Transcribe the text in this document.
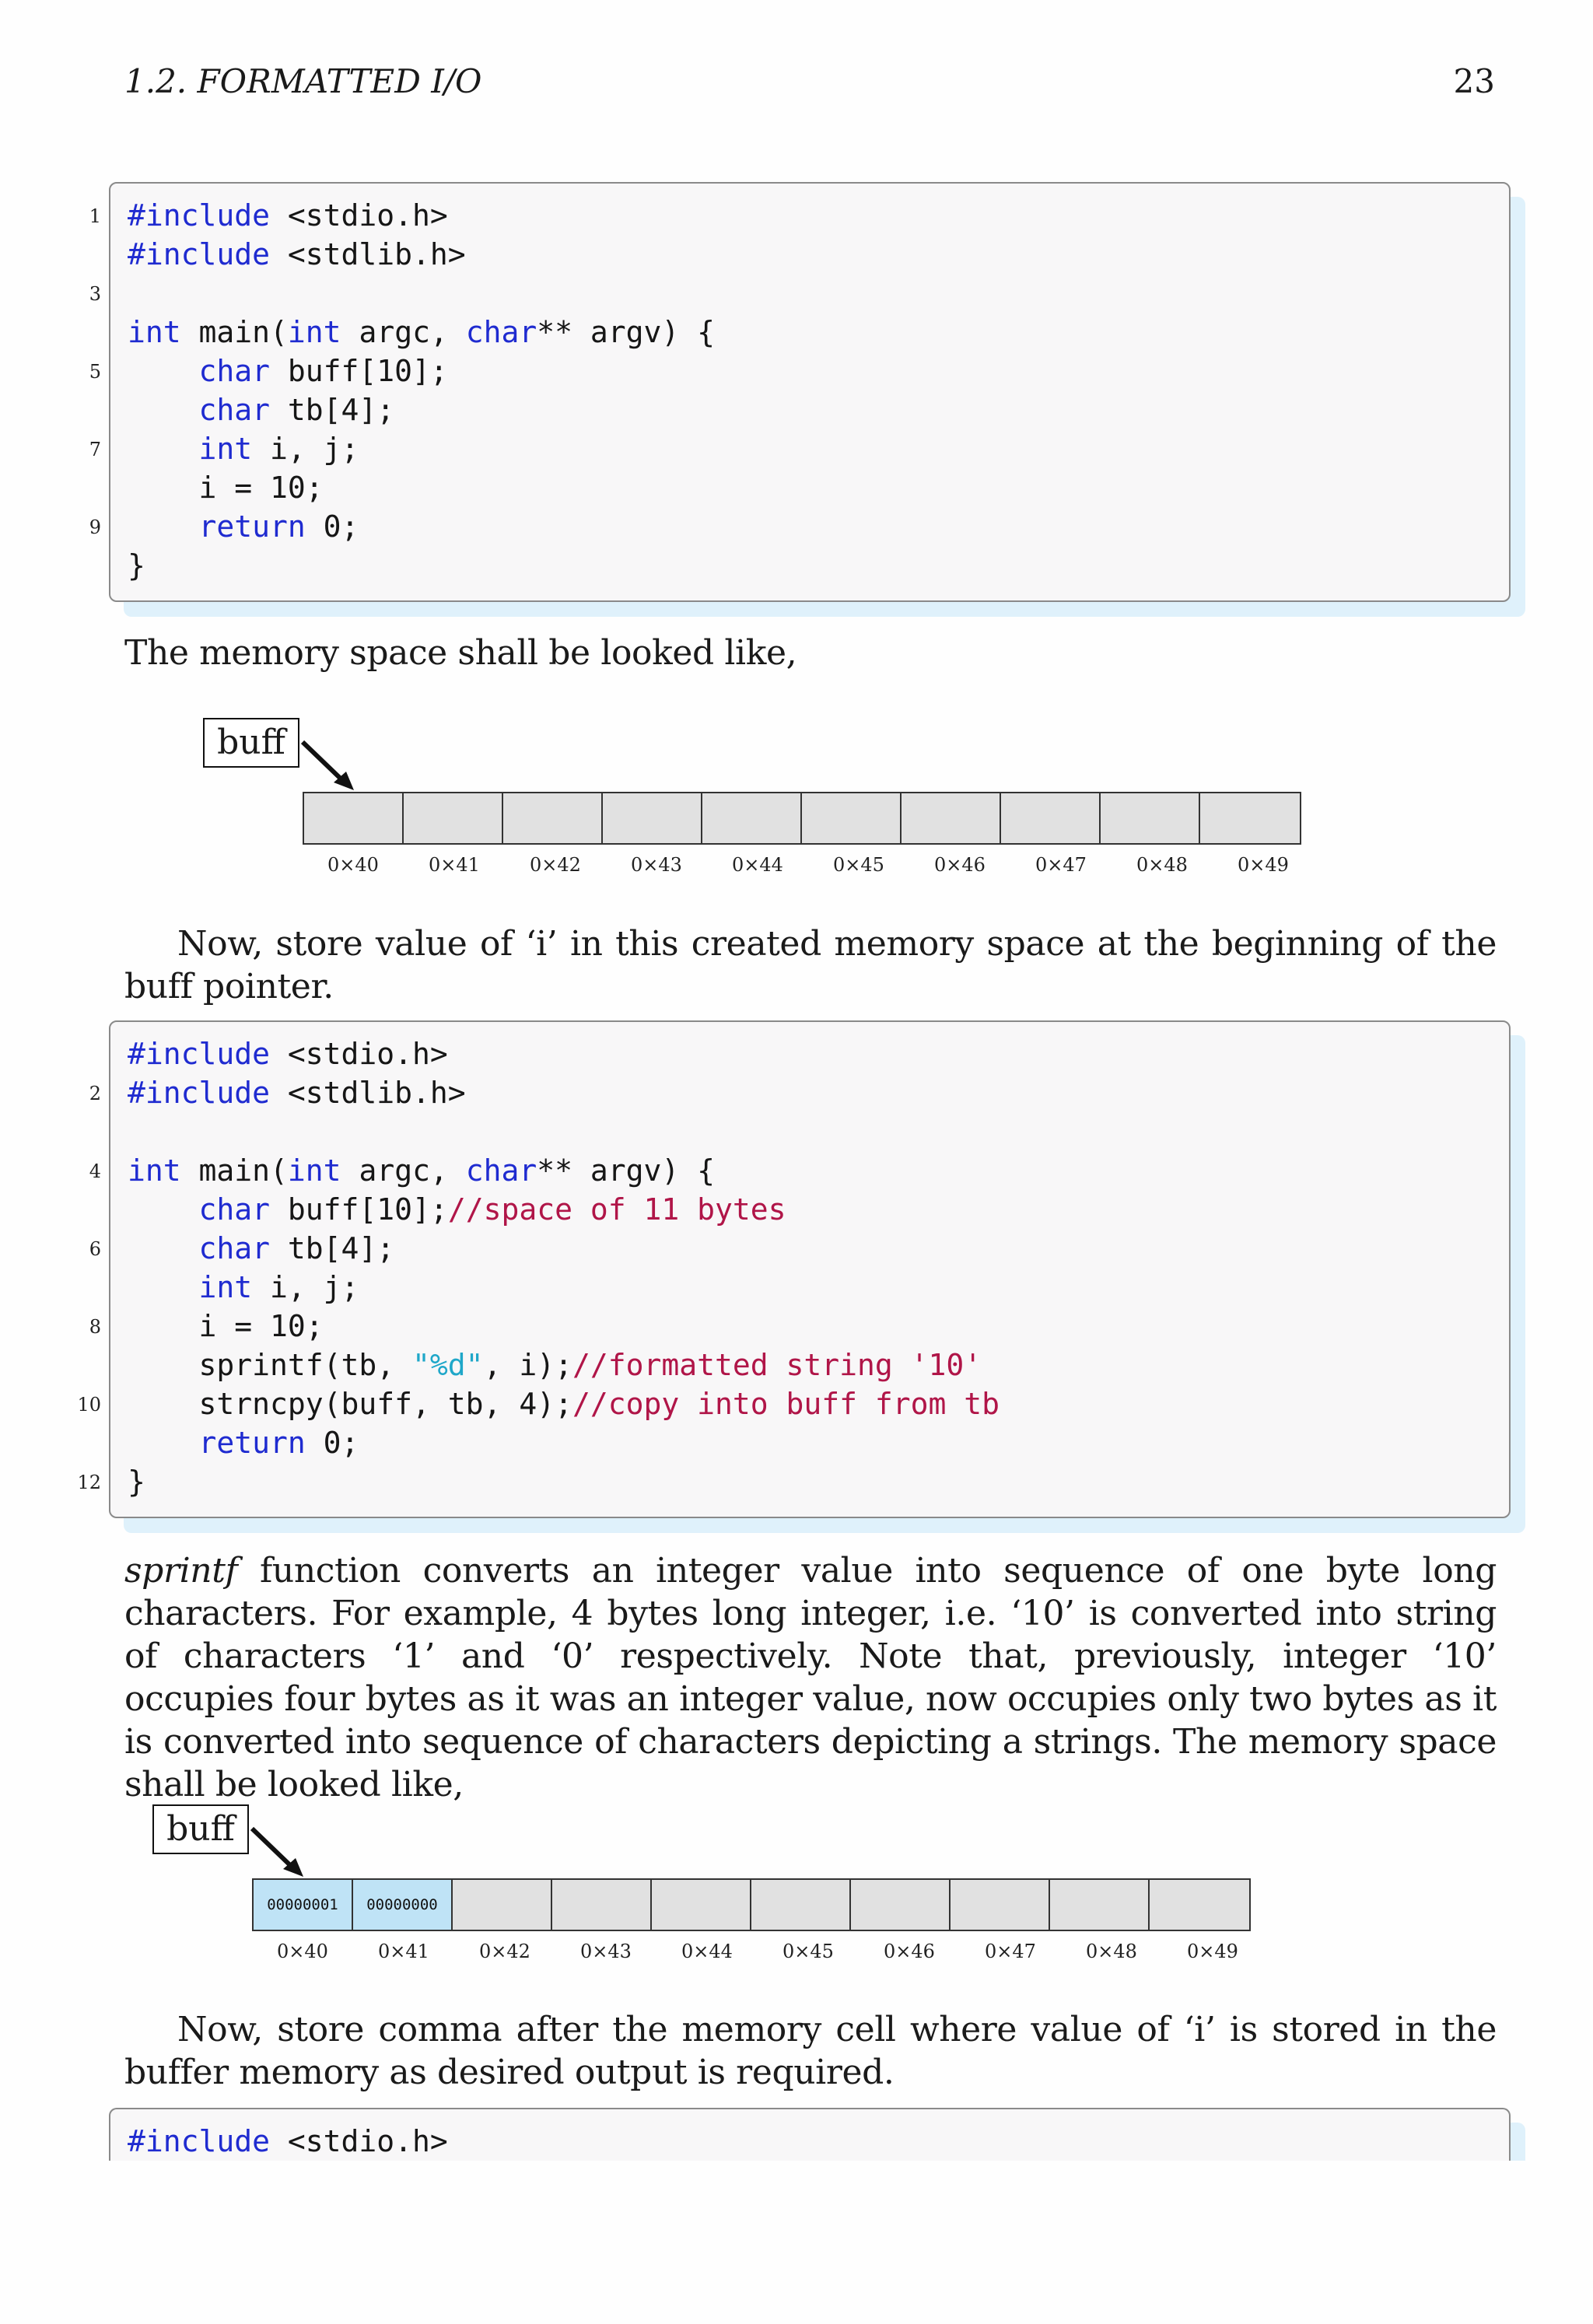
1.2. FORMATTED I/O	23
1
3
5
7
9
#include <stdio.h>
#include <stdlib.h>
int main(int argc, char** argv) {
char buff[10];
char tb[4];
int i, j;
i = 10;
return 0;
}
The memory space shall be looked like,
buff
0×40	0×41	0×42	0×43	0×44	0×45	0×46	0×47	0×48	0×49
Now, store value of ‘i’ in this created memory space at the beginning of the buff pointer.
2
4
6
8
10
12
#include <stdio.h>
#include <stdlib.h>
int main(int argc, char** argv) {
char buff[10];//space of 11 bytes
char tb[4];
int i, j;
i = 10;
sprintf(tb, "%d", i);//formatted string '10'
strncpy(buff, tb, 4);//copy into buff from tb
return 0;
}
sprintf function converts an integer value into sequence of one byte long characters. For example, 4 bytes long integer, i.e. ‘10’ is converted into string of characters ‘1’ and ‘0’ respectively. Note that, previously, integer ‘10’ occupies four bytes as it was an integer value, now occupies only two bytes as it is converted into sequence of characters depicting a strings. The memory space shall be looked like,
buff
00000001	00000000
0×40	0×41	0×42	0×43	0×44	0×45	0×46	0×47	0×48	0×49
Now, store comma after the memory cell where value of ‘i’ is stored in the buffer memory as desired output is required.
#include <stdio.h>
